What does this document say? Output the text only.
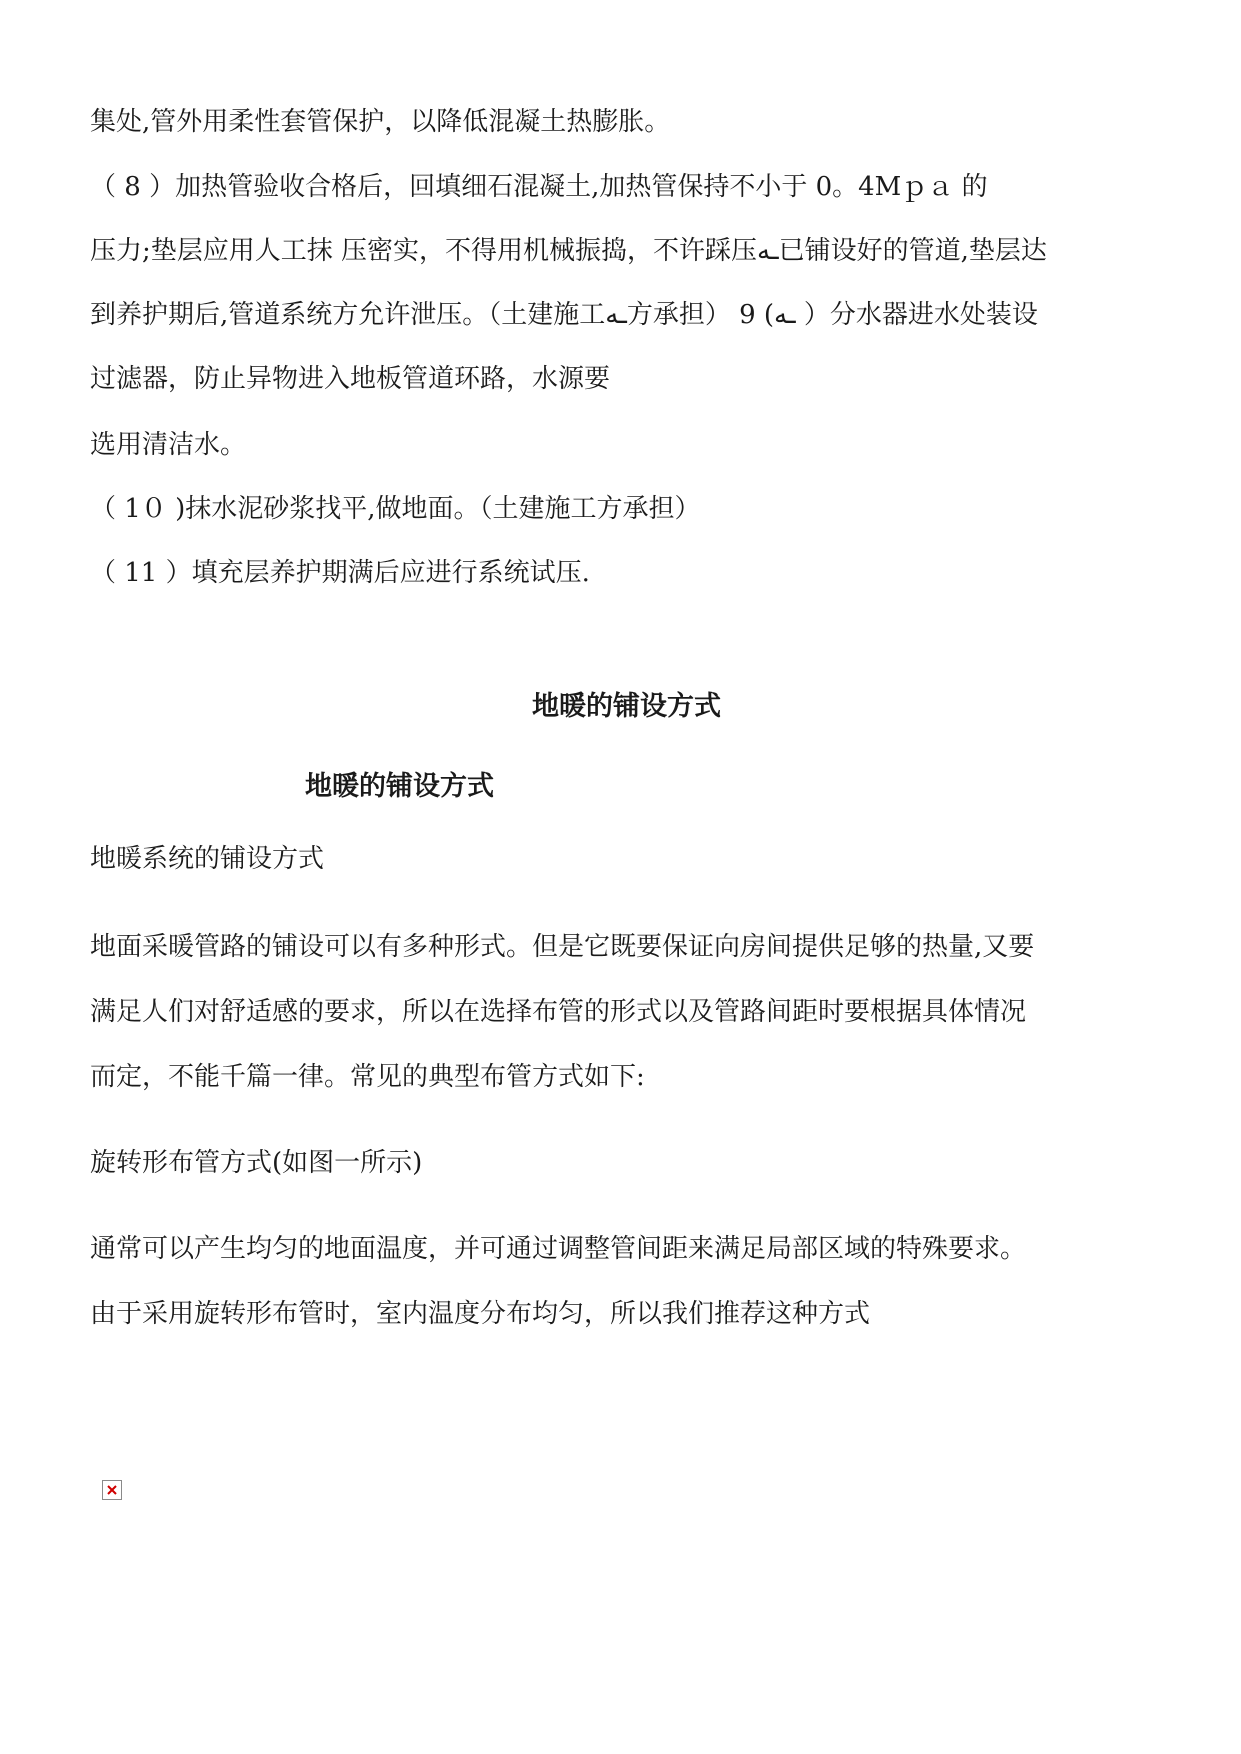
集处,管外用柔性套管保护，以降低混凝土热膨胀。

（ 8 ）加热管验收合格后，回填细石混凝土,加热管保持不小于 0。4Mｐａ 的

压力;垫层应用人工抹 压密实，不得用机械振捣，不许踩压ـه已铺设好的管道,垫层达

到养护期后,管道系统方允许泄压。（土建施工ـه方承担） 9 (ـه ）分水器进水处装设

过滤器，防止异物进入地板管道环路，水源要

选用清洁水。

（ 1０ )抹水泥砂浆找平,做地面。（土建施工方承担）

（ 11 ）填充层养护期满后应进行系统试压.

地暖的铺设方式

地暖的铺设方式

地暖系统的铺设方式

地面采暖管路的铺设可以有多种形式。但是它既要保证向房间提供足够的热量,又要

满足人们对舒适感的要求，所以在选择布管的形式以及管路间距时要根据具体情况

而定，不能千篇一律。常见的典型布管方式如下:

旋转形布管方式(如图一所示)

通常可以产生均匀的地面温度，并可通过调整管间距来满足局部区域的特殊要求。

由于采用旋转形布管时，室内温度分布均匀，所以我们推荐这种方式
